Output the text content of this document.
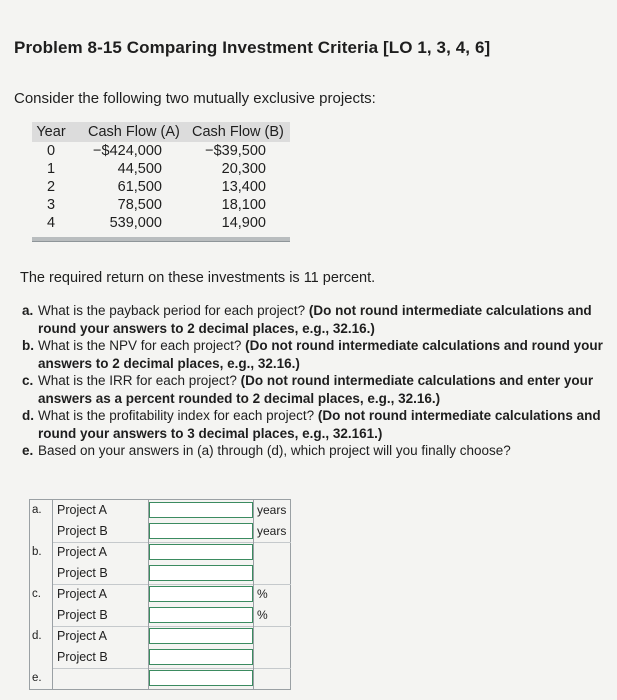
Problem 8-15 Comparing Investment Criteria [LO 1, 3, 4, 6]
Consider the following two mutually exclusive projects:
Year Cash Flow (A) Cash Flow (B)
0	−$424,000	−$39,500
1	44,500	20,300
2	61,500	13,400
3	78,500	18,100
4	539,000	14,900
The required return on these investments is 11 percent.
a. What is the payback period for each project? (Do not round intermediate calculations and round your answers to 2 decimal places, e.g., 32.16.)
b. What is the NPV for each project? (Do not round intermediate calculations and round your answers to 2 decimal places, e.g., 32.16.)
c. What is the IRR for each project? (Do not round intermediate calculations and enter your answers as a percent rounded to 2 decimal places, e.g., 32.16.)
d. What is the profitability index for each project? (Do not round intermediate calculations and round your answers to 3 decimal places, e.g., 32.161.)
e. Based on your answers in (a) through (d), which project will you finally choose?
a.	Project A	years
Project B	years
b.	Project A
Project B
c.	Project A	%
Project B	%
d.	Project A
Project B
e.
